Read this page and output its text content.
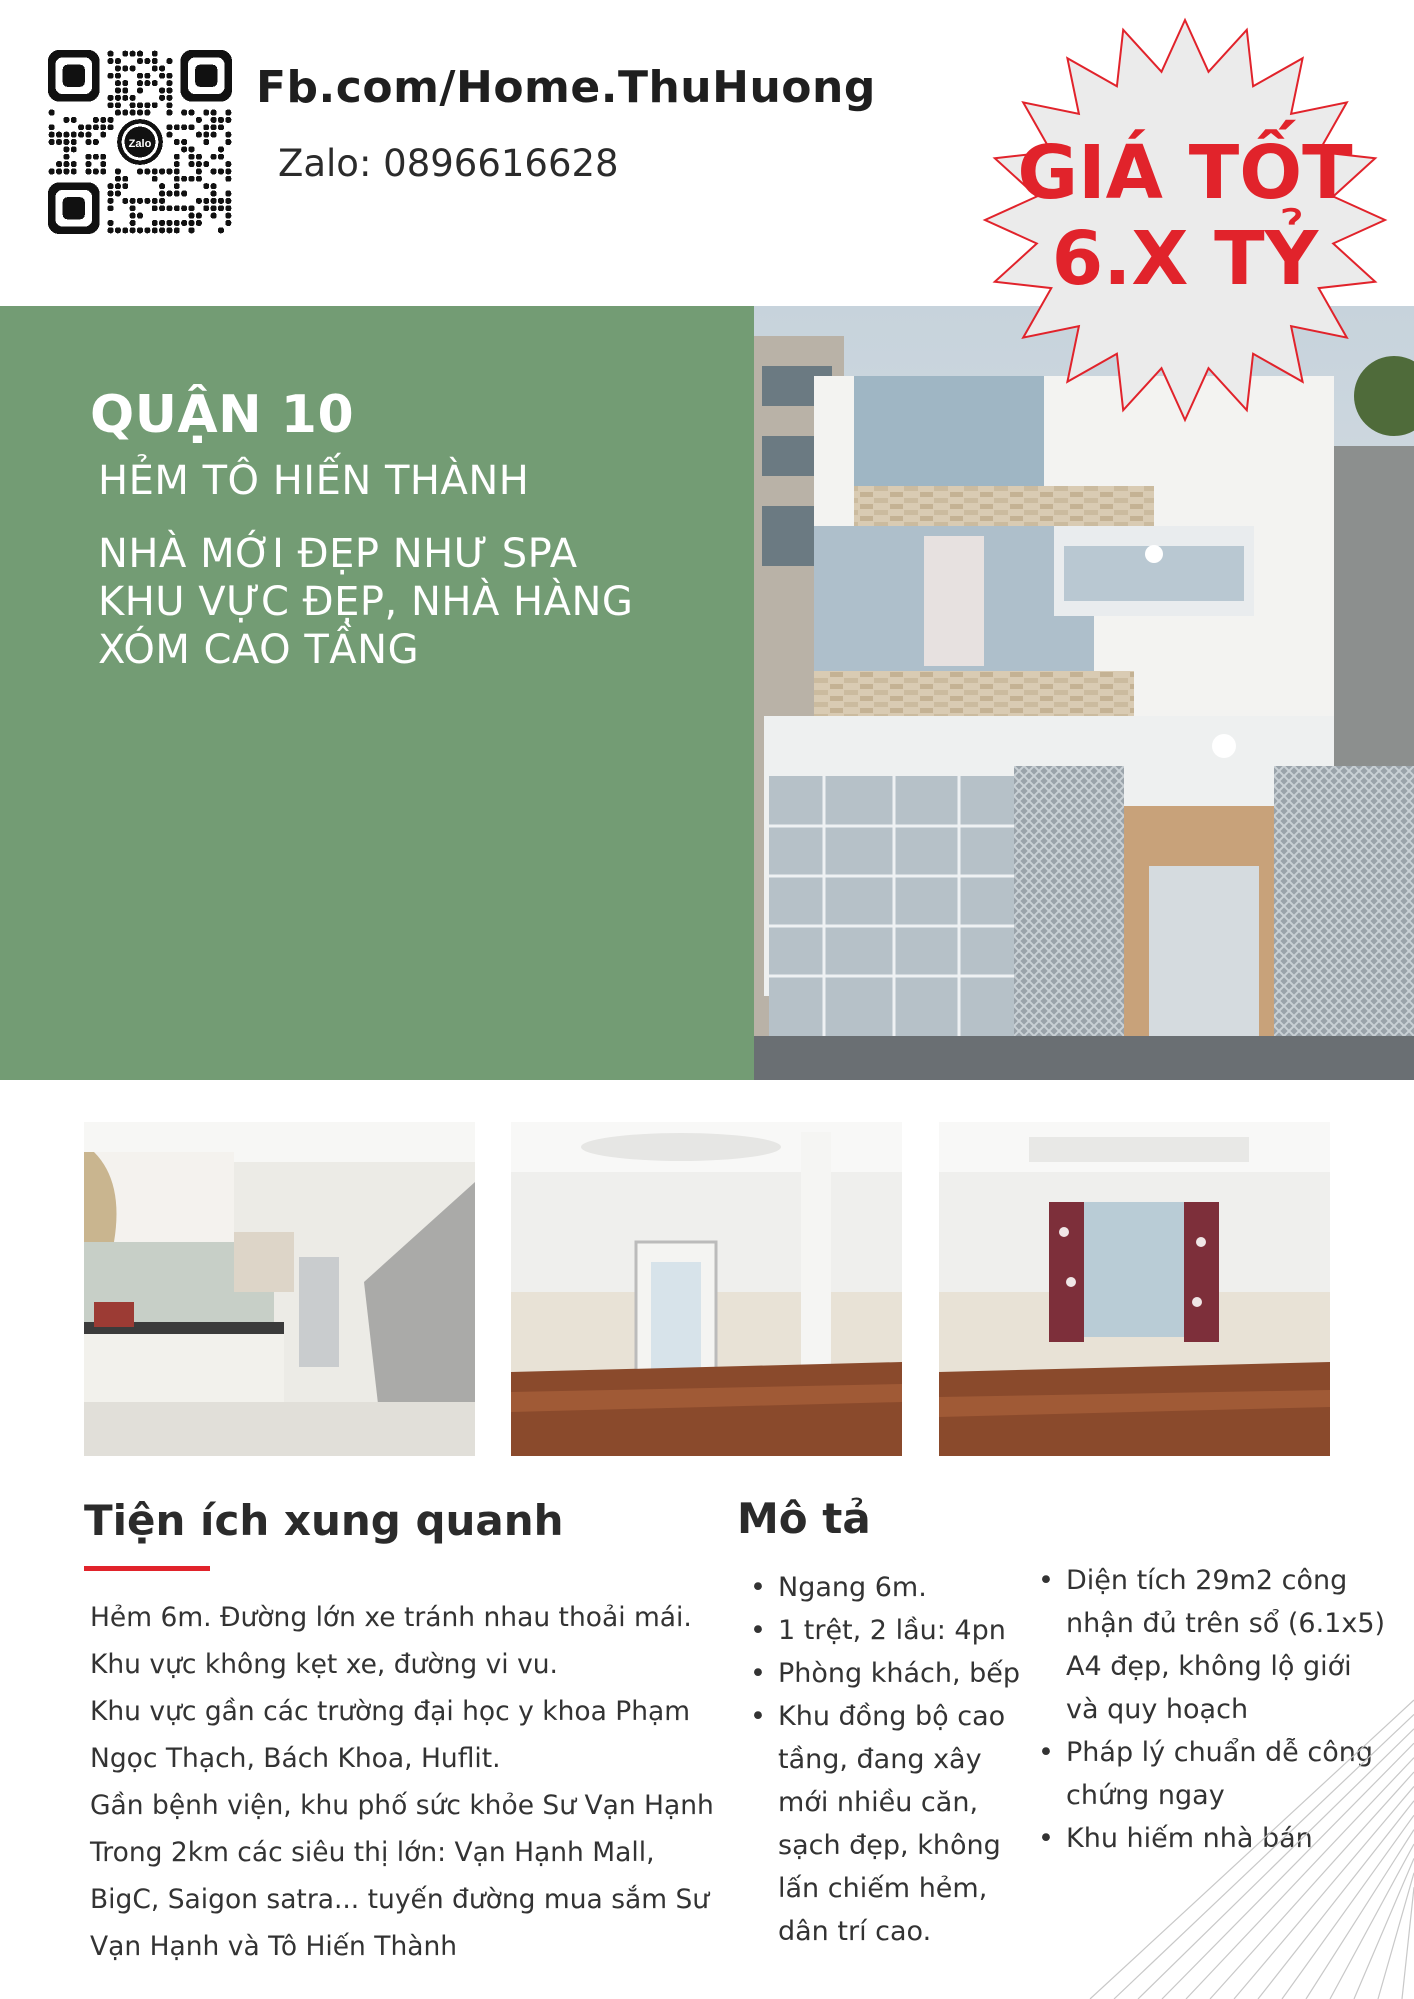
Zalo
Fb.com/Home.ThuHuong
Zalo: 0896616628
QUẬN 10
HẺM TÔ HIẾN THÀNH
NHÀ MỚI ĐẸP NHƯ SPA
KHU VỰC ĐẸP, NHÀ HÀNG
XÓM CAO TẦNG
GIÁ TỐT
6.X TỶ
Tiện ích xung quanh
Hẻm 6m. Đường lớn xe tránh nhau thoải mái.
Khu vực không kẹt xe, đường vi vu.
Khu vực gần các trường đại học y khoa Phạm
Ngọc Thạch, Bách Khoa, Huflit.
Gần bệnh viện, khu phố sức khỏe Sư Vạn Hạnh
Trong 2km các siêu thị lớn: Vạn Hạnh Mall,
BigC, Saigon satra... tuyến đường mua sắm Sư
Vạn Hạnh và Tô Hiến Thành
Mô tả
• Ngang 6m.
• 1 trệt, 2 lầu: 4pn
• Phòng khách, bếp
• Khu đồng bộ cao
tầng, đang xây
mới nhiều căn,
sạch đẹp, không
lấn chiếm hẻm,
dân trí cao.
• Diện tích 29m2 công
nhận đủ trên sổ (6.1x5)
A4 đẹp, không lộ giới
và quy hoạch
• Pháp lý chuẩn dễ công
chứng ngay
• Khu hiếm nhà bán
